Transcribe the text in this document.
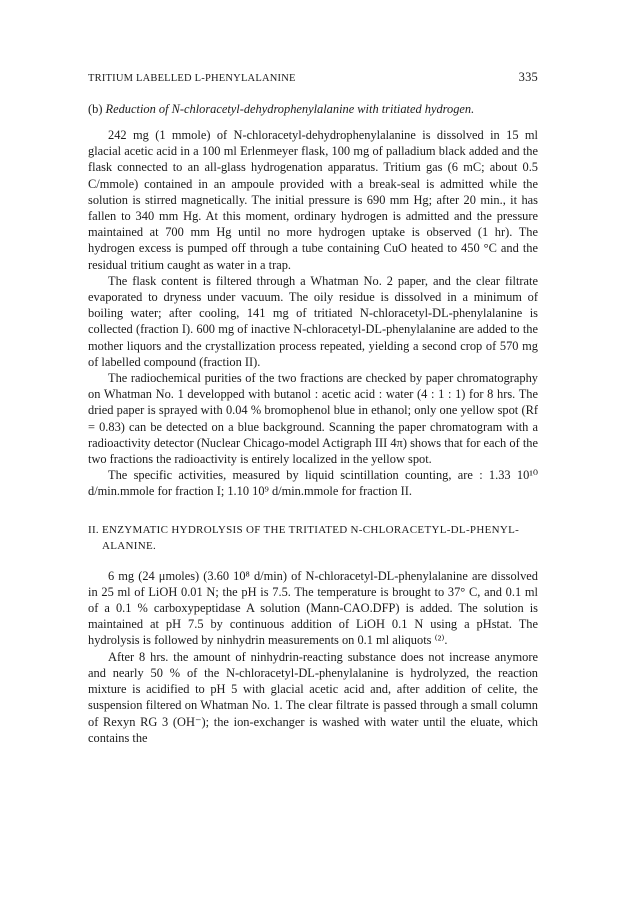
TRITIUM LABELLED L-PHENYLALANINE	335
(b) Reduction of N-chloracetyl-dehydrophenylalanine with tritiated hydrogen.

242 mg (1 mmole) of N-chloracetyl-dehydrophenylalanine is dissolved in 15 ml glacial acetic acid in a 100 ml Erlenmeyer flask, 100 mg of palladium black added and the flask connected to an all-glass hydrogenation apparatus. Tritium gas (6 mC; about 0.5 C/mmole) contained in an ampoule provided with a break-seal is admitted while the solution is stirred magnetically. The initial pressure is 690 mm Hg; after 20 min., it has fallen to 340 mm Hg. At this moment, ordinary hydrogen is admitted and the pressure maintained at 700 mm Hg until no more hydrogen uptake is observed (1 hr). The hydrogen excess is pumped off through a tube containing CuO heated to 450 °C and the residual tritium caught as water in a trap.

The flask content is filtered through a Whatman No. 2 paper, and the clear filtrate evaporated to dryness under vacuum. The oily residue is dissolved in a minimum of boiling water; after cooling, 141 mg of tritiated N-chloracetyl-DL-phenylalanine is collected (fraction I). 600 mg of inactive N-chloracetyl-DL-phenylalanine are added to the mother liquors and the crystallization process repeated, yielding a second crop of 570 mg of labelled compound (fraction II).

The radiochemical purities of the two fractions are checked by paper chromatography on Whatman No. 1 developped with butanol : acetic acid : water (4 : 1 : 1) for 8 hrs. The dried paper is sprayed with 0.04 % bromophenol blue in ethanol; only one yellow spot (Rf = 0.83) can be detected on a blue background. Scanning the paper chromatogram with a radioactivity detector (Nuclear Chicago-model Actigraph III 4π) shows that for each of the two fractions the radioactivity is entirely localized in the yellow spot.

The specific activities, measured by liquid scintillation counting, are : 1.33 10¹⁰ d/min.mmole for fraction I; 1.10 10⁹ d/min.mmole for fraction II.

II. ENZYMATIC HYDROLYSIS OF THE TRITIATED N-CHLORACETYL-DL-PHENYL-
ALANINE.

6 mg (24 μmoles) (3.60 10⁸ d/min) of N-chloracetyl-DL-phenylalanine are dissolved in 25 ml of LiOH 0.01 N; the pH is 7.5. The temperature is brought to 37° C, and 0.1 ml of a 0.1 % carboxypeptidase A solution (Mann-CAO.DFP) is added. The solution is maintained at pH 7.5 by continuous addition of LiOH 0.1 N using a pHstat. The hydrolysis is followed by ninhydrin measurements on 0.1 ml aliquots ⁽²⁾.

After 8 hrs. the amount of ninhydrin-reacting substance does not increase anymore and nearly 50 % of the N-chloracetyl-DL-phenylalanine is hydrolyzed, the reaction mixture is acidified to pH 5 with glacial acetic acid and, after addition of celite, the suspension filtered on Whatman No. 1. The clear filtrate is passed through a small column of Rexyn RG 3 (OH⁻); the ion-exchanger is washed with water until the eluate, which contains the
